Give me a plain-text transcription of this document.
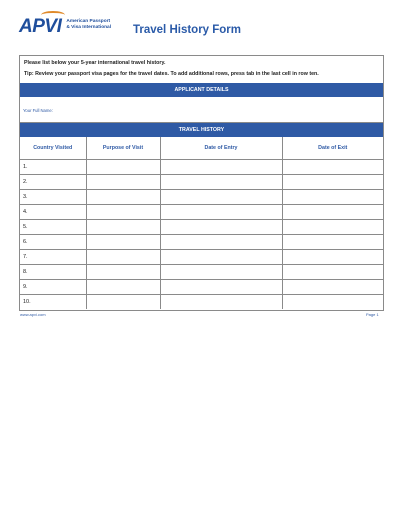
APVI American Passport
& Visa International Travel History Form
Please list below your 5-year international travel history.
Tip: Review your passport visa pages for the travel dates. To add additional rows, press tab in the last cell in row ten.
APPLICANT DETAILS
Your Full Name:
TRAVEL HISTORY
Country Visited	Purpose of Visit	Date of Entry	Date of Exit
1.			
2.			
3.			
4.			
5.			
6.			
7.			
8.			
9.			
10.			
www.apvi.com	Page 1
